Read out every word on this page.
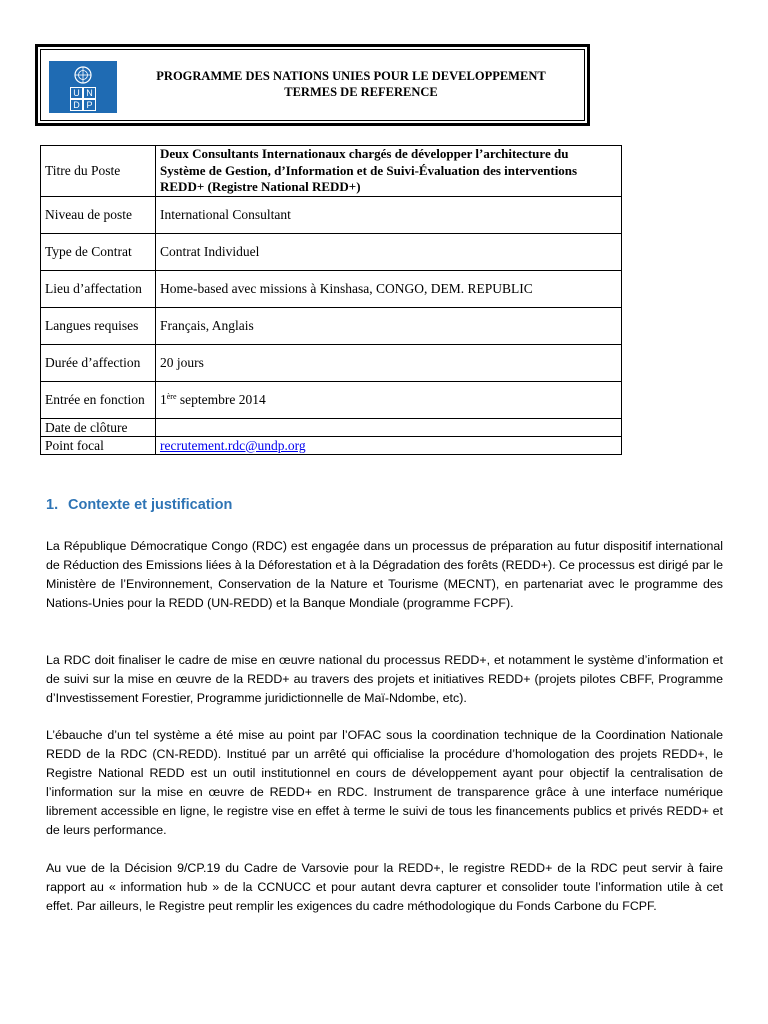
U N
D P
PROGRAMME DES NATIONS UNIES POUR LE DEVELOPPEMENT
TERMES DE REFERENCE
Titre du Poste	Deux Consultants Internationaux chargés de développer l’architecture du Système de Gestion, d’Information et de Suivi-Évaluation des interventions REDD+ (Registre National REDD+)
Niveau de poste	International Consultant
Type de Contrat	Contrat Individuel
Lieu d’affectation	Home-based avec missions à Kinshasa, CONGO, DEM. REPUBLIC
Langues requises	Français, Anglais
Durée d’affection	20 jours
Entrée en fonction	1ère septembre 2014
Date de clôture	
Point focal	recrutement.rdc@undp.org
1. Contexte et justification

La République Démocratique Congo (RDC) est engagée dans un processus de préparation au futur dispositif international de Réduction des Emissions liées à la Déforestation et à la Dégradation des forêts (REDD+). Ce processus est dirigé par le Ministère de l’Environnement, Conservation de la Nature et Tourisme (MECNT), en partenariat avec le programme des Nations-Unies pour la REDD (UN-REDD) et la Banque Mondiale (programme FCPF).

La RDC doit finaliser le cadre de mise en œuvre national du processus REDD+, et notamment le système d’information et de suivi sur la mise en œuvre de la REDD+ au travers des projets et initiatives REDD+ (projets pilotes CBFF, Programme d’Investissement Forestier, Programme juridictionnelle de Maï-Ndombe, etc).

L’ébauche d’un tel système a été mise au point par l’OFAC sous la coordination technique de la Coordination Nationale REDD de la RDC (CN-REDD). Institué par un arrêté qui officialise la procédure d’homologation des projets REDD+, le Registre National REDD est un outil institutionnel en cours de développement ayant pour objectif la centralisation de l’information sur la mise en œuvre de REDD+ en RDC. Instrument de transparence grâce à une interface numérique librement accessible en ligne, le registre vise en effet à terme le suivi de tous les financements publics et privés REDD+ et de leurs performance.

Au vue de la Décision 9/CP.19 du Cadre de Varsovie pour la REDD+, le registre REDD+ de la RDC peut servir à faire rapport au « information hub » de la CCNUCC et pour autant devra capturer et consolider toute l’information utile à cet effet. Par ailleurs, le Registre peut remplir les exigences du cadre méthodologique du Fonds Carbone du FCPF.
